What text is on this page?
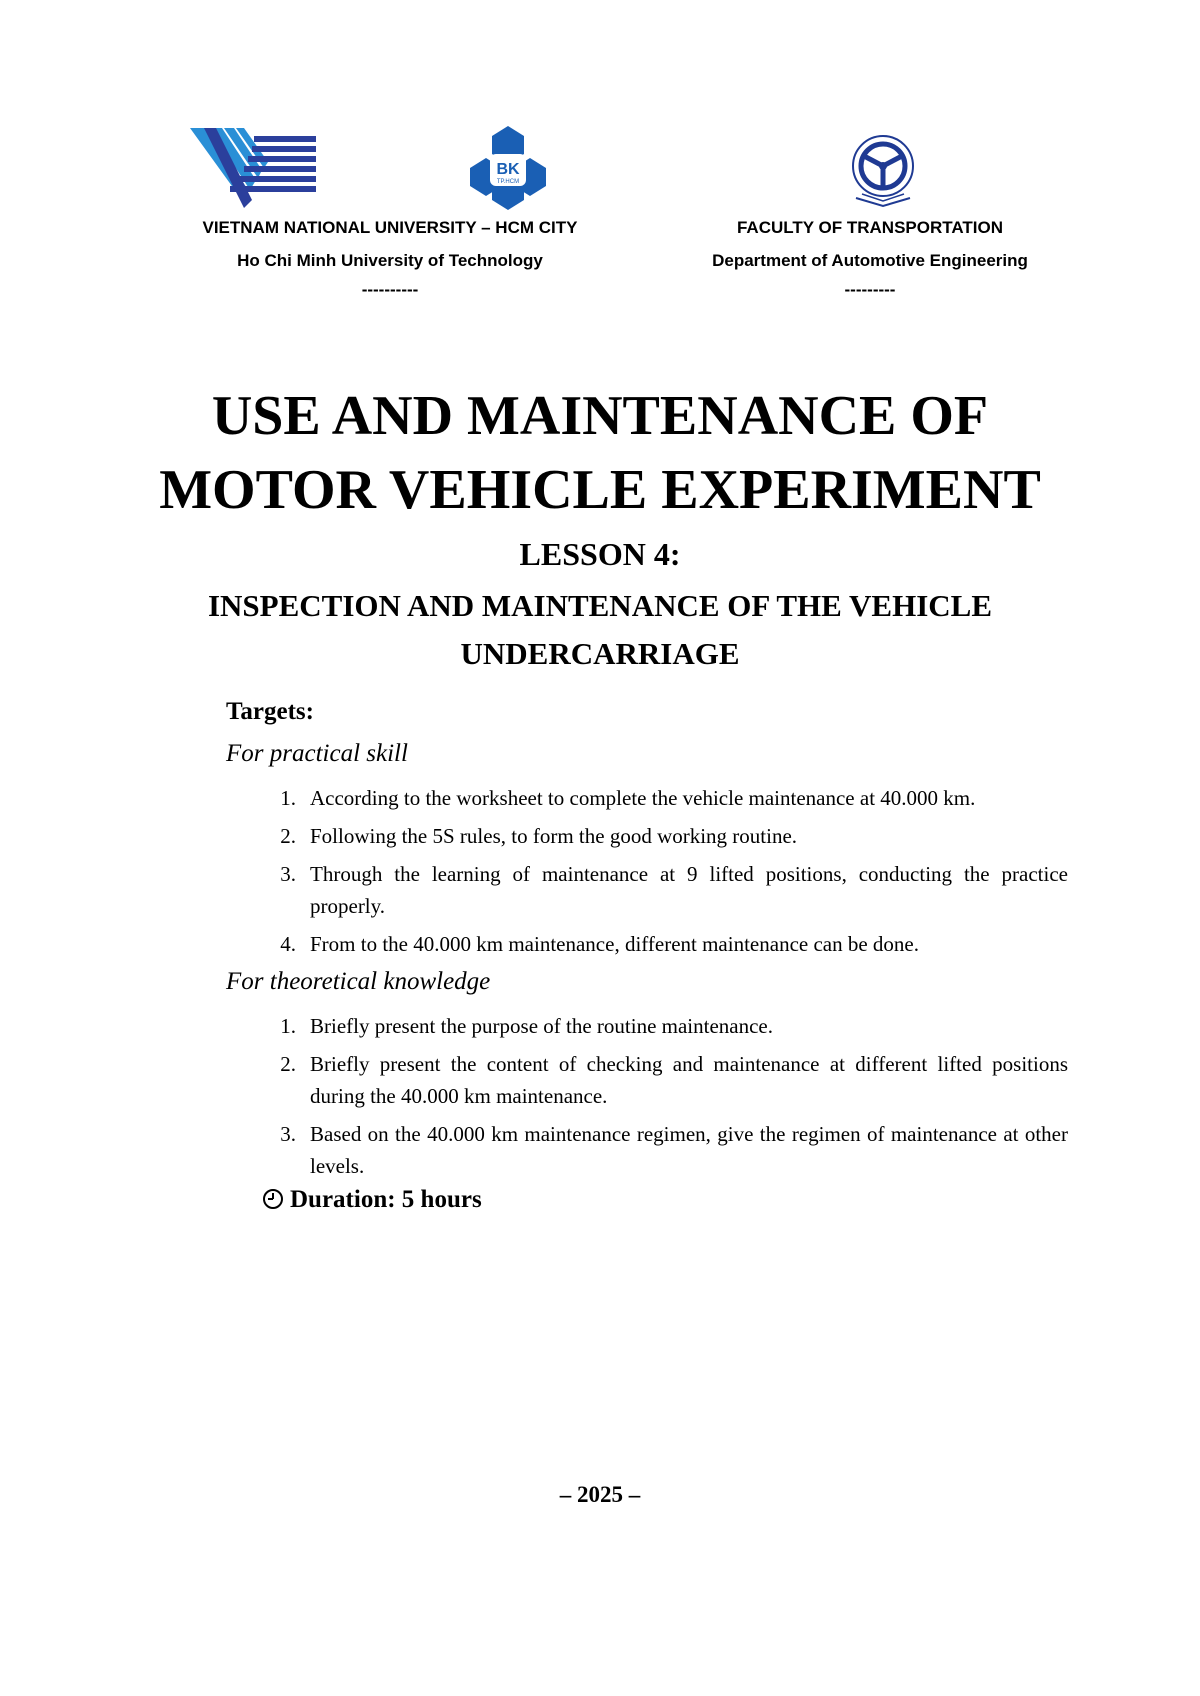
BK
TP.HCM
VIETNAM NATIONAL UNIVERSITY – HCM CITY
Ho Chi Minh University of Technology
----------
FACULTY OF TRANSPORTATION
Department of Automotive Engineering
---------
USE AND MAINTENANCE OF
MOTOR VEHICLE EXPERIMENT
LESSON 4:
INSPECTION AND MAINTENANCE OF THE VEHICLE
UNDERCARRIAGE
Targets:
For practical skill
1. According to the worksheet to complete the vehicle maintenance at 40.000 km.
2. Following the 5S rules, to form the good working routine.
3. Through the learning of maintenance at 9 lifted positions, conducting the practice properly.
4. From to the 40.000 km maintenance, different maintenance can be done.
For theoretical knowledge
1. Briefly present the purpose of the routine maintenance.
2. Briefly present the content of checking and maintenance at different lifted positions during the 40.000 km maintenance.
3. Based on the 40.000 km maintenance regimen, give the regimen of maintenance at other levels.
Duration: 5 hours
– 2025 –
